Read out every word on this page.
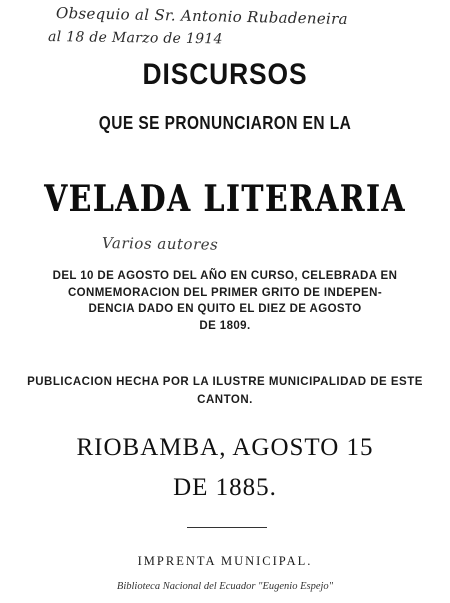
Obsequio al Sr. Antonio Rubadeneira
al 18 de Marzo de 1914
DISCURSOS
QUE SE PRONUNCIARON EN LA
VELADA LITERARIA
Varios autores
DEL 10 DE AGOSTO DEL AÑO EN CURSO, CELEBRADA EN
CONMEMORACION DEL PRIMER GRITO DE INDEPEN-
DENCIA DADO EN QUITO EL DIEZ DE AGOSTO
DE 1809.
PUBLICACION HECHA POR LA ILUSTRE MUNICIPALIDAD DE ESTE
CANTON.
RIOBAMBA, AGOSTO 15
DE 1885.
IMPRENTA MUNICIPAL.
Biblioteca Nacional del Ecuador "Eugenio Espejo"
